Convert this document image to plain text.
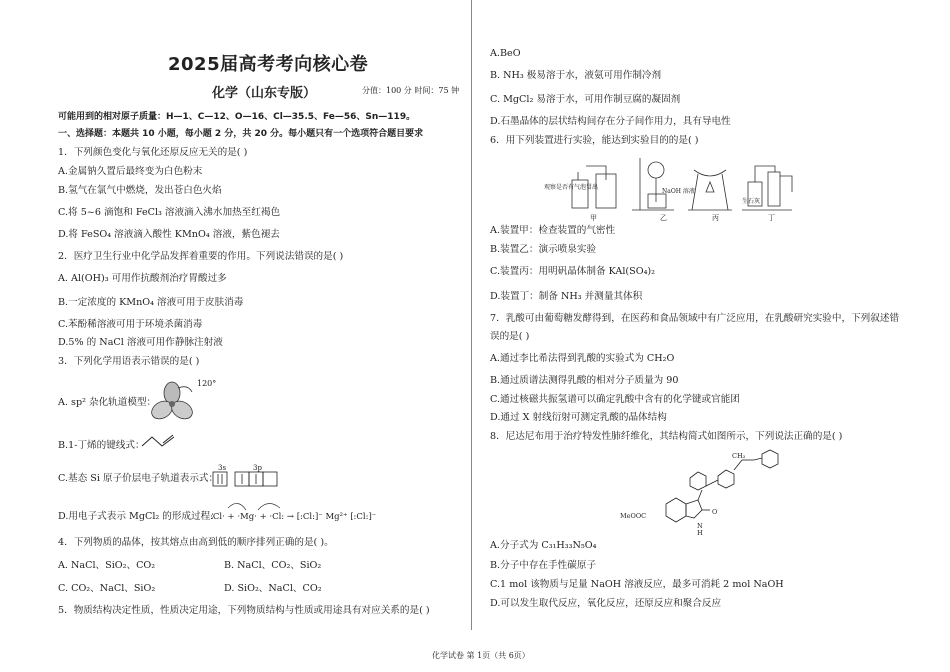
2025届高考考向核心卷
化学（山东专版）	分值：100 分 时间：75 钟
可能用到的相对原子质量：H—1、C—12、O—16、Cl—35.5、Fe—56、Sn—119。
一、选择题：本题共 10 小题，每小题 2 分，共 20 分。每小题只有一个选项符合题目要求
1．下列颜色变化与氧化还原反应无关的是( )
A.金属钠久置后最终变为白色粉末
B.氢气在氯气中燃烧，发出苍白色火焰
C.将 5~6 滴饱和 FeCl₃ 溶液滴入沸水加热至红褐色
D.将 FeSO₄ 溶液滴入酸性 KMnO₄ 溶液，紫色褪去
2．医疗卫生行业中化学品发挥着重要的作用。下列说法错误的是( )
A. Al(OH)₃ 可用作抗酸剂治疗胃酸过多
B.一定浓度的 KMnO₄ 溶液可用于皮肤消毒
C.苯酚稀溶液可用于环境杀菌消毒
D.5% 的 NaCl 溶液可用作静脉注射液
3．下列化学用语表示错误的是( )
A. sp² 杂化轨道模型：
120°
B.1-丁烯的键线式：
C.基态 Si 原子价层电子轨道表示式：
3s	3p
D.用电子式表示 MgCl₂ 的形成过程：
:Cl· + ·Mg· + ·Cl: → [:Cl:]⁻ Mg²⁺ [:Cl:]⁻
4．下列物质的晶体，按其熔点由高到低的顺序排列正确的是( )。
A. NaCl、SiO₂、CO₂	B. NaCl、CO₂、SiO₂
C. CO₂、NaCl、SiO₂	D. SiO₂、NaCl、CO₂
5．物质结构决定性质，性质决定用途，下列物质结构与性质或用途具有对应关系的是( )
A.BeO
B. NH₃ 极易溶于水，液氨可用作制冷剂
C. MgCl₂ 易溶于水，可用作制豆腐的凝固剂
D.石墨晶体的层状结构间存在分子间作用力，具有导电性
6．用下列装置进行实验，能达到实验目的的是( )
观察是否有气泡冒出
NaOH 溶液
生石灰
甲	乙	丙	丁
A.装置甲：检查装置的气密性
B.装置乙：演示喷泉实验
C.装置丙：用明矾晶体制备 KAl(SO₄)₂
D.装置丁：制备 NH₃ 并测量其体积
7．乳酸可由葡萄糖发酵得到，在医药和食品领域中有广泛应用，在乳酸研究实验中，下列叙述错
误的是( )
A.通过李比希法得到乳酸的实验式为 CH₂O
B.通过质谱法测得乳酸的相对分子质量为 90
C.通过核磁共振氢谱可以确定乳酸中含有的化学键或官能团
D.通过 X 射线衍射可测定乳酸的晶体结构
8．尼达尼布用于治疗特发性肺纤维化，其结构简式如图所示，下列说法正确的是( )
MeOOC
N
H
O
CH₃
A.分子式为 C₃₁H₃₃N₅O₄
B.分子中存在手性碳原子
C.1 mol 该物质与足量 NaOH 溶液反应，最多可消耗 2 mol NaOH
D.可以发生取代反应，氧化反应，还原反应和聚合反应
化学试卷 第 1页（共 6页）
